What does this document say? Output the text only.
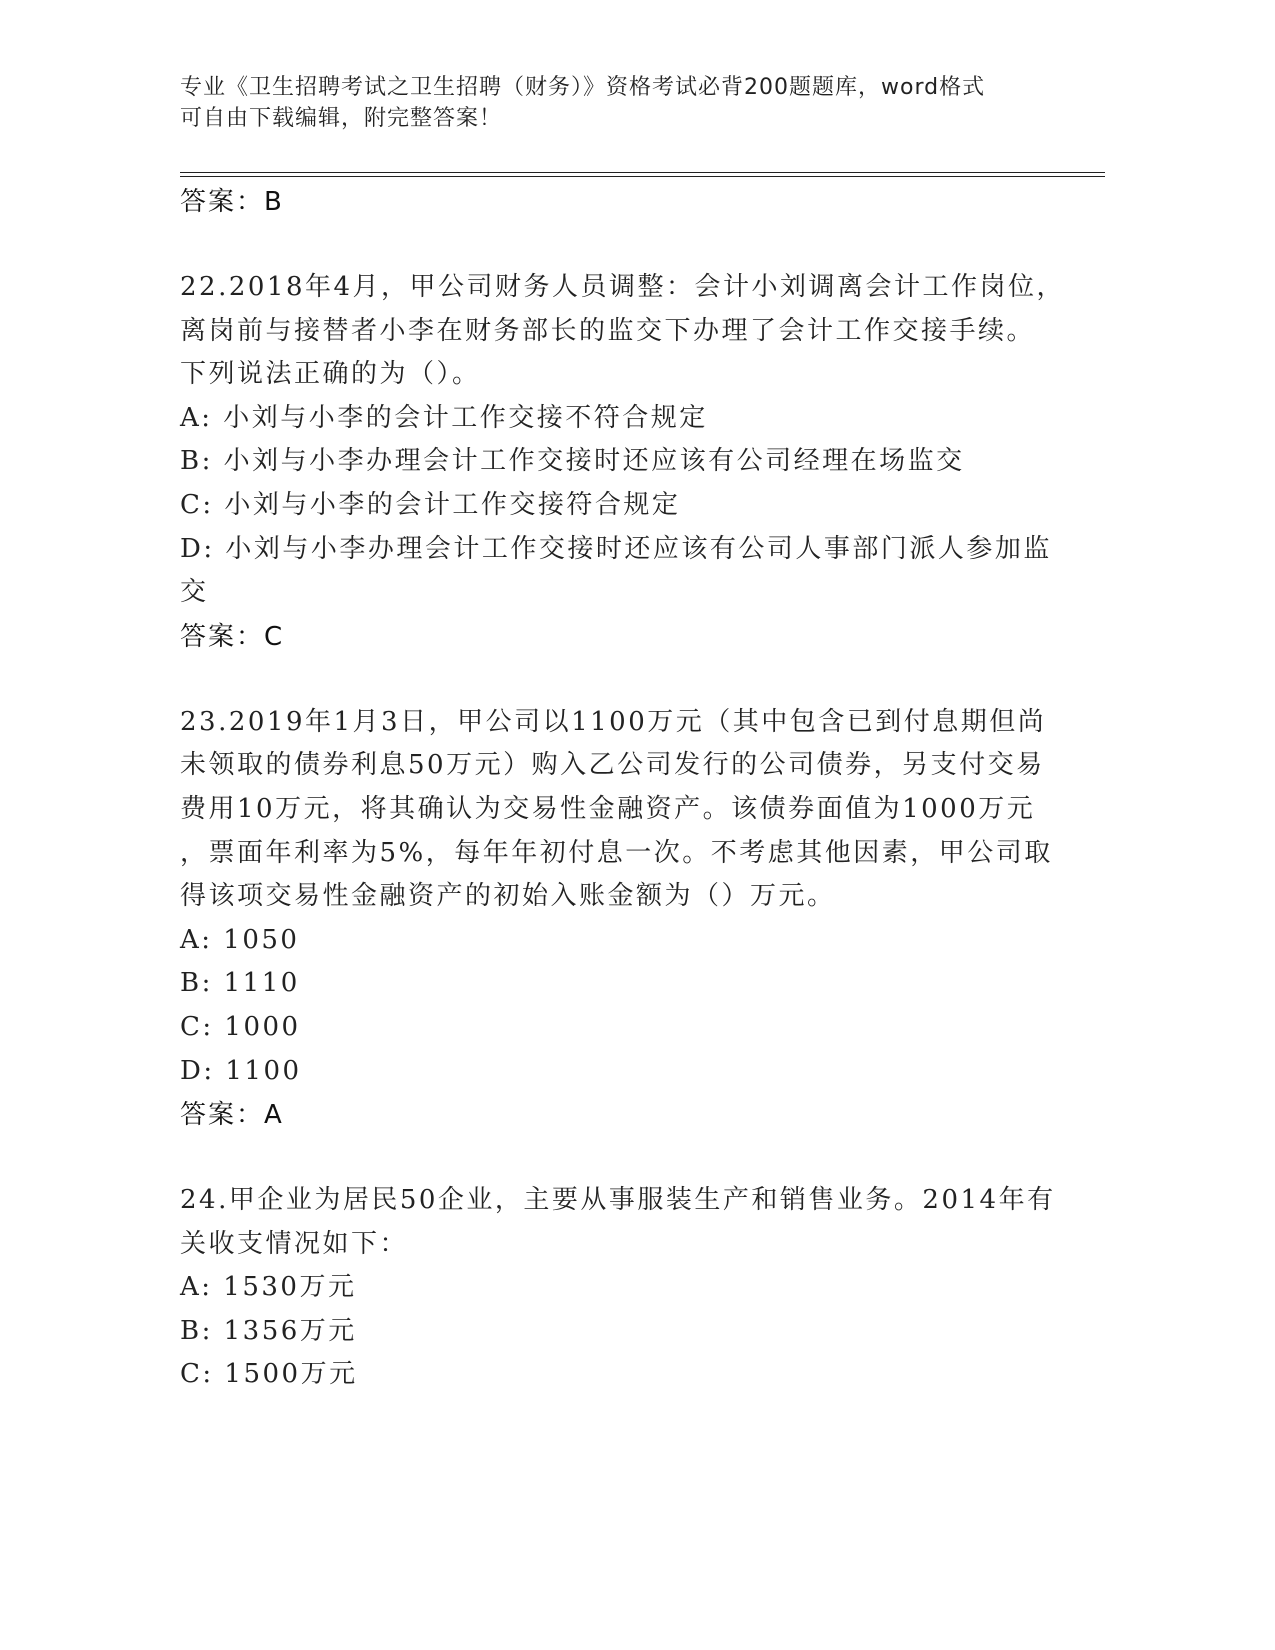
专业《卫生招聘考试之卫生招聘（财务）》资格考试必背200题题库，word格式
可自由下载编辑，附完整答案！
答案：B
22.2018年4月，甲公司财务人员调整：会计小刘调离会计工作岗位，
离岗前与接替者小李在财务部长的监交下办理了会计工作交接手续。
下列说法正确的为（）。
A: 小刘与小李的会计工作交接不符合规定
B: 小刘与小李办理会计工作交接时还应该有公司经理在场监交
C: 小刘与小李的会计工作交接符合规定
D: 小刘与小李办理会计工作交接时还应该有公司人事部门派人参加监
交
答案：C
23.2019年1月3日，甲公司以1100万元（其中包含已到付息期但尚
未领取的债券利息50万元）购入乙公司发行的公司债券，另支付交易
费用10万元，将其确认为交易性金融资产。该债券面值为1000万元
，票面年利率为5%，每年年初付息一次。不考虑其他因素，甲公司取
得该项交易性金融资产的初始入账金额为（）万元。
A: 1050
B: 1110
C: 1000
D: 1100
答案：A
24.甲企业为居民50企业，主要从事服装生产和销售业务。2014年有
关收支情况如下：
A: 1530万元
B: 1356万元
C: 1500万元
